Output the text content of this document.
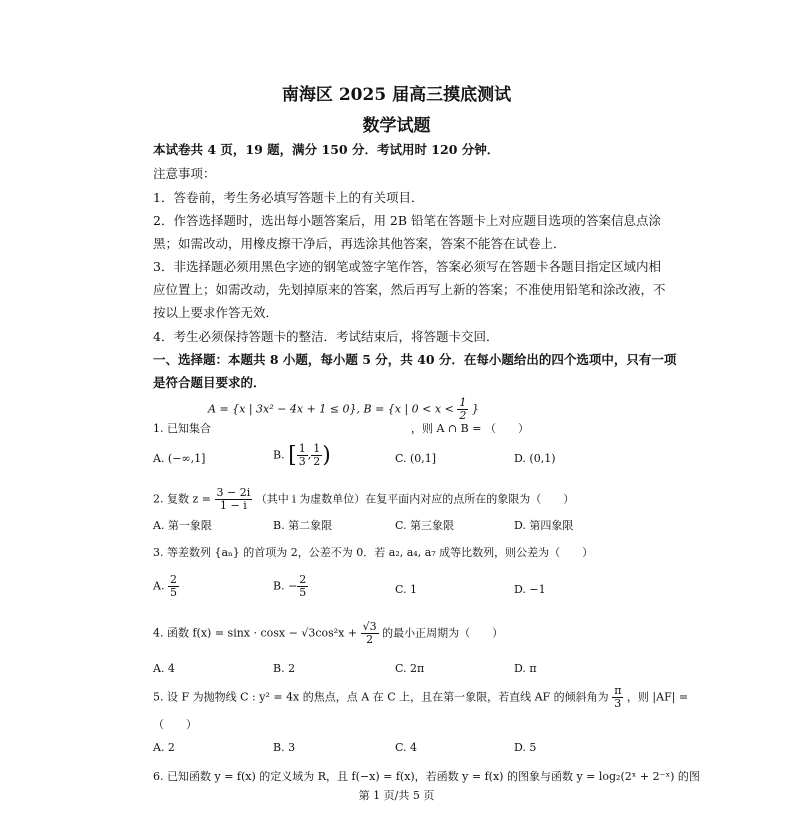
南海区 2025 届高三摸底测试
数学试题
本试卷共 4 页，19 题，满分 150 分．考试用时 120 分钟．
注意事项：
1．答卷前，考生务必填写答题卡上的有关项目．
2．作答选择题时，选出每小题答案后，用 2B 铅笔在答题卡上对应题目选项的答案信息点涂
黑；如需改动，用橡皮擦干净后，再选涂其他答案，答案不能答在试卷上．
3．非选择题必须用黑色字迹的钢笔或签字笔作答，答案必须写在答题卡各题目指定区域内相
应位置上；如需改动，先划掉原来的答案，然后再写上新的答案；不准使用铅笔和涂改液，不
按以上要求作答无效．
4．考生必须保持答题卡的整洁．考试结束后，将答题卡交回．
一、选择题：本题共 8 小题，每小题 5 分，共 40 分．在每小题给出的四个选项中，只有一项
是符合题目要求的．
1. 已知集合
A = {x | 3x² − 4x + 1 ≤ 0}, B = {x | $0 < x < \frac{1}{2}$ }
，则 A ∩ B = （　　）
A. (−∞,1]	B. [ $\frac{1}{3}$ , $\frac{1}{2}$ )	C. (0,1]	D. (0,1)
2. 复数 $z = \frac{3 - 2i}{1 - i}$ （其中 i 为虚数单位）在复平面内对应的点所在的象限为（　　）
A. 第一象限	B. 第二象限	C. 第三象限	D. 第四象限
3. 等差数列 {aₙ} 的首项为 2，公差不为 0．若 a₂, a₄, a₇ 成等比数列，则公差为（　　）
A. $\frac{2}{5}$	B. − $\frac{2}{5}$	C. 1	D. −1
4. 函数 $f(x) = \sin x \cdot \cos x - √3\cos^2x + \frac{√3}{2}$ 的最小正周期为（　　）
A. 4	B. 2	C. 2π	D. π
5. 设 F 为抛物线 C : y² = 4x 的焦点，点 A 在 C 上，且在第一象限，若直线 AF 的倾斜角为 $\frac{\pi}{3}$ ，则 |AF| =
（　　）
A. 2	B. 3	C. 4	D. 5
6. 已知函数 y = f(x) 的定义域为 R，且 f(−x) = f(x)，若函数 y = f(x) 的图象与函数 y = log₂(2ˣ + 2⁻ˣ) 的图
第 1 页/共 5 页
